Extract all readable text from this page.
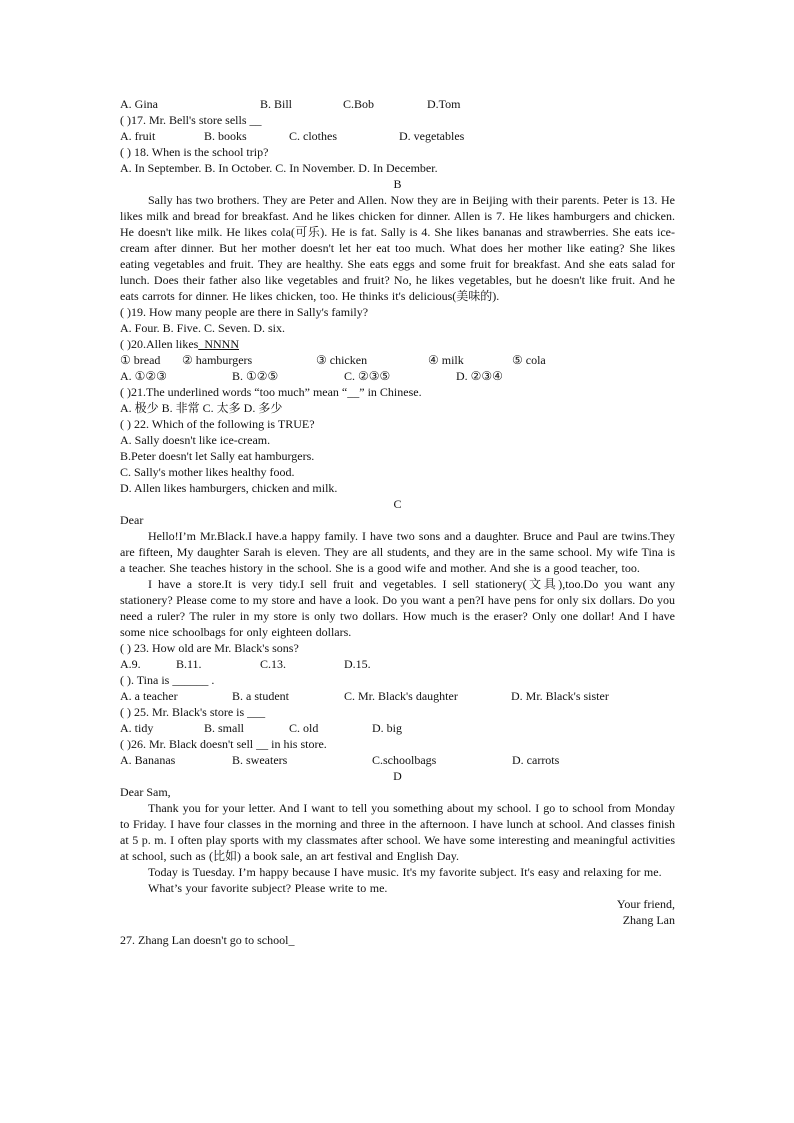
A. Gina	B. Bill	C.Bob	D.Tom
( )17. Mr. Bell's store sells __
A. fruit	B. books	C. clothes	D. vegetables
( ) 18. When is the school trip?
A. In September. B. In October. C. In November. D. In December.
B
Sally has two brothers. They are Peter and Allen. Now they are in Beijing with their parents. Peter is 13. He likes milk and bread for breakfast. And he likes chicken for dinner. Allen is 7. He likes hamburgers and chicken. He doesn't like milk. He likes cola(可乐). He is fat. Sally is 4. She likes bananas and strawberries. She eats ice-cream after dinner. But her mother doesn't let her eat too much. What does her mother like eating? She likes eating vegetables and fruit. They are healthy. She eats eggs and some fruit for breakfast. And she eats salad for lunch. Does their father also like vegetables and fruit? No, he likes vegetables, but he doesn't like fruit. And he eats carrots for dinner. He likes chicken, too. He thinks it's delicious(美味的).
( )19. How many people are there in Sally's family?
A. Four. B. Five. C. Seven. D. six.
( )20.Allen likes_NNNN
① bread	② hamburgers	③ chicken	④ milk	⑤ cola
A. ①②③	B. ①②⑤	C. ②③⑤	D. ②③④
( )21.The underlined words “too much” mean “__” in Chinese.
A. 极少 B. 非常 C. 太多 D. 多少
( ) 22. Which of the following is TRUE?
A. Sally doesn't like ice-cream.
B.Peter doesn't let Sally eat hamburgers.
C. Sally's mother likes healthy food.
D. Allen likes hamburgers, chicken and milk.
C
Dear
Hello!I’m Mr.Black.I have.a happy family. I have two sons and a daughter. Bruce and Paul are twins.They are fifteen, My daughter Sarah is eleven. They are all students, and they are in the same school. My wife Tina is a teacher. She teaches history in the school. She is a good wife and mother. And she is a good teacher, too.
I have a store.It is very tidy.I sell fruit and vegetables. I sell stationery(文具),too.Do you want any stationery? Please come to my store and have a look. Do you want a pen?I have pens for only six dollars. Do you need a ruler? The ruler in my store is only two dollars. How much is the eraser? Only one dollar! And I have some nice schoolbags for only eighteen dollars.
( ) 23. How old are Mr. Black's sons?
A.9.	B.11.	C.13.	D.15.
( ). Tina is ______ .
A. a teacher	B. a student	C. Mr. Black's daughter	D. Mr. Black's sister
( ) 25. Mr. Black's store is ___
A. tidy	B. small	C. old	D. big
( )26. Mr. Black doesn't sell __ in his store.
A. Bananas	B. sweaters	C.schoolbags	D. carrots
D
Dear Sam,
Thank you for your letter. And I want to tell you something about my school. I go to school from Monday to Friday. I have four classes in the morning and three in the afternoon. I have lunch at school. And classes finish at 5 p. m. I often play sports with my classmates after school. We have some interesting and meaningful activities at school, such as (比如) a book sale, an art festival and English Day.
Today is Tuesday. I’m happy because I have music. It's my favorite subject. It's easy and relaxing for me.
What’s your favorite subject? Please write to me.
Your friend,
Zhang Lan
27. Zhang Lan doesn't go to school_
